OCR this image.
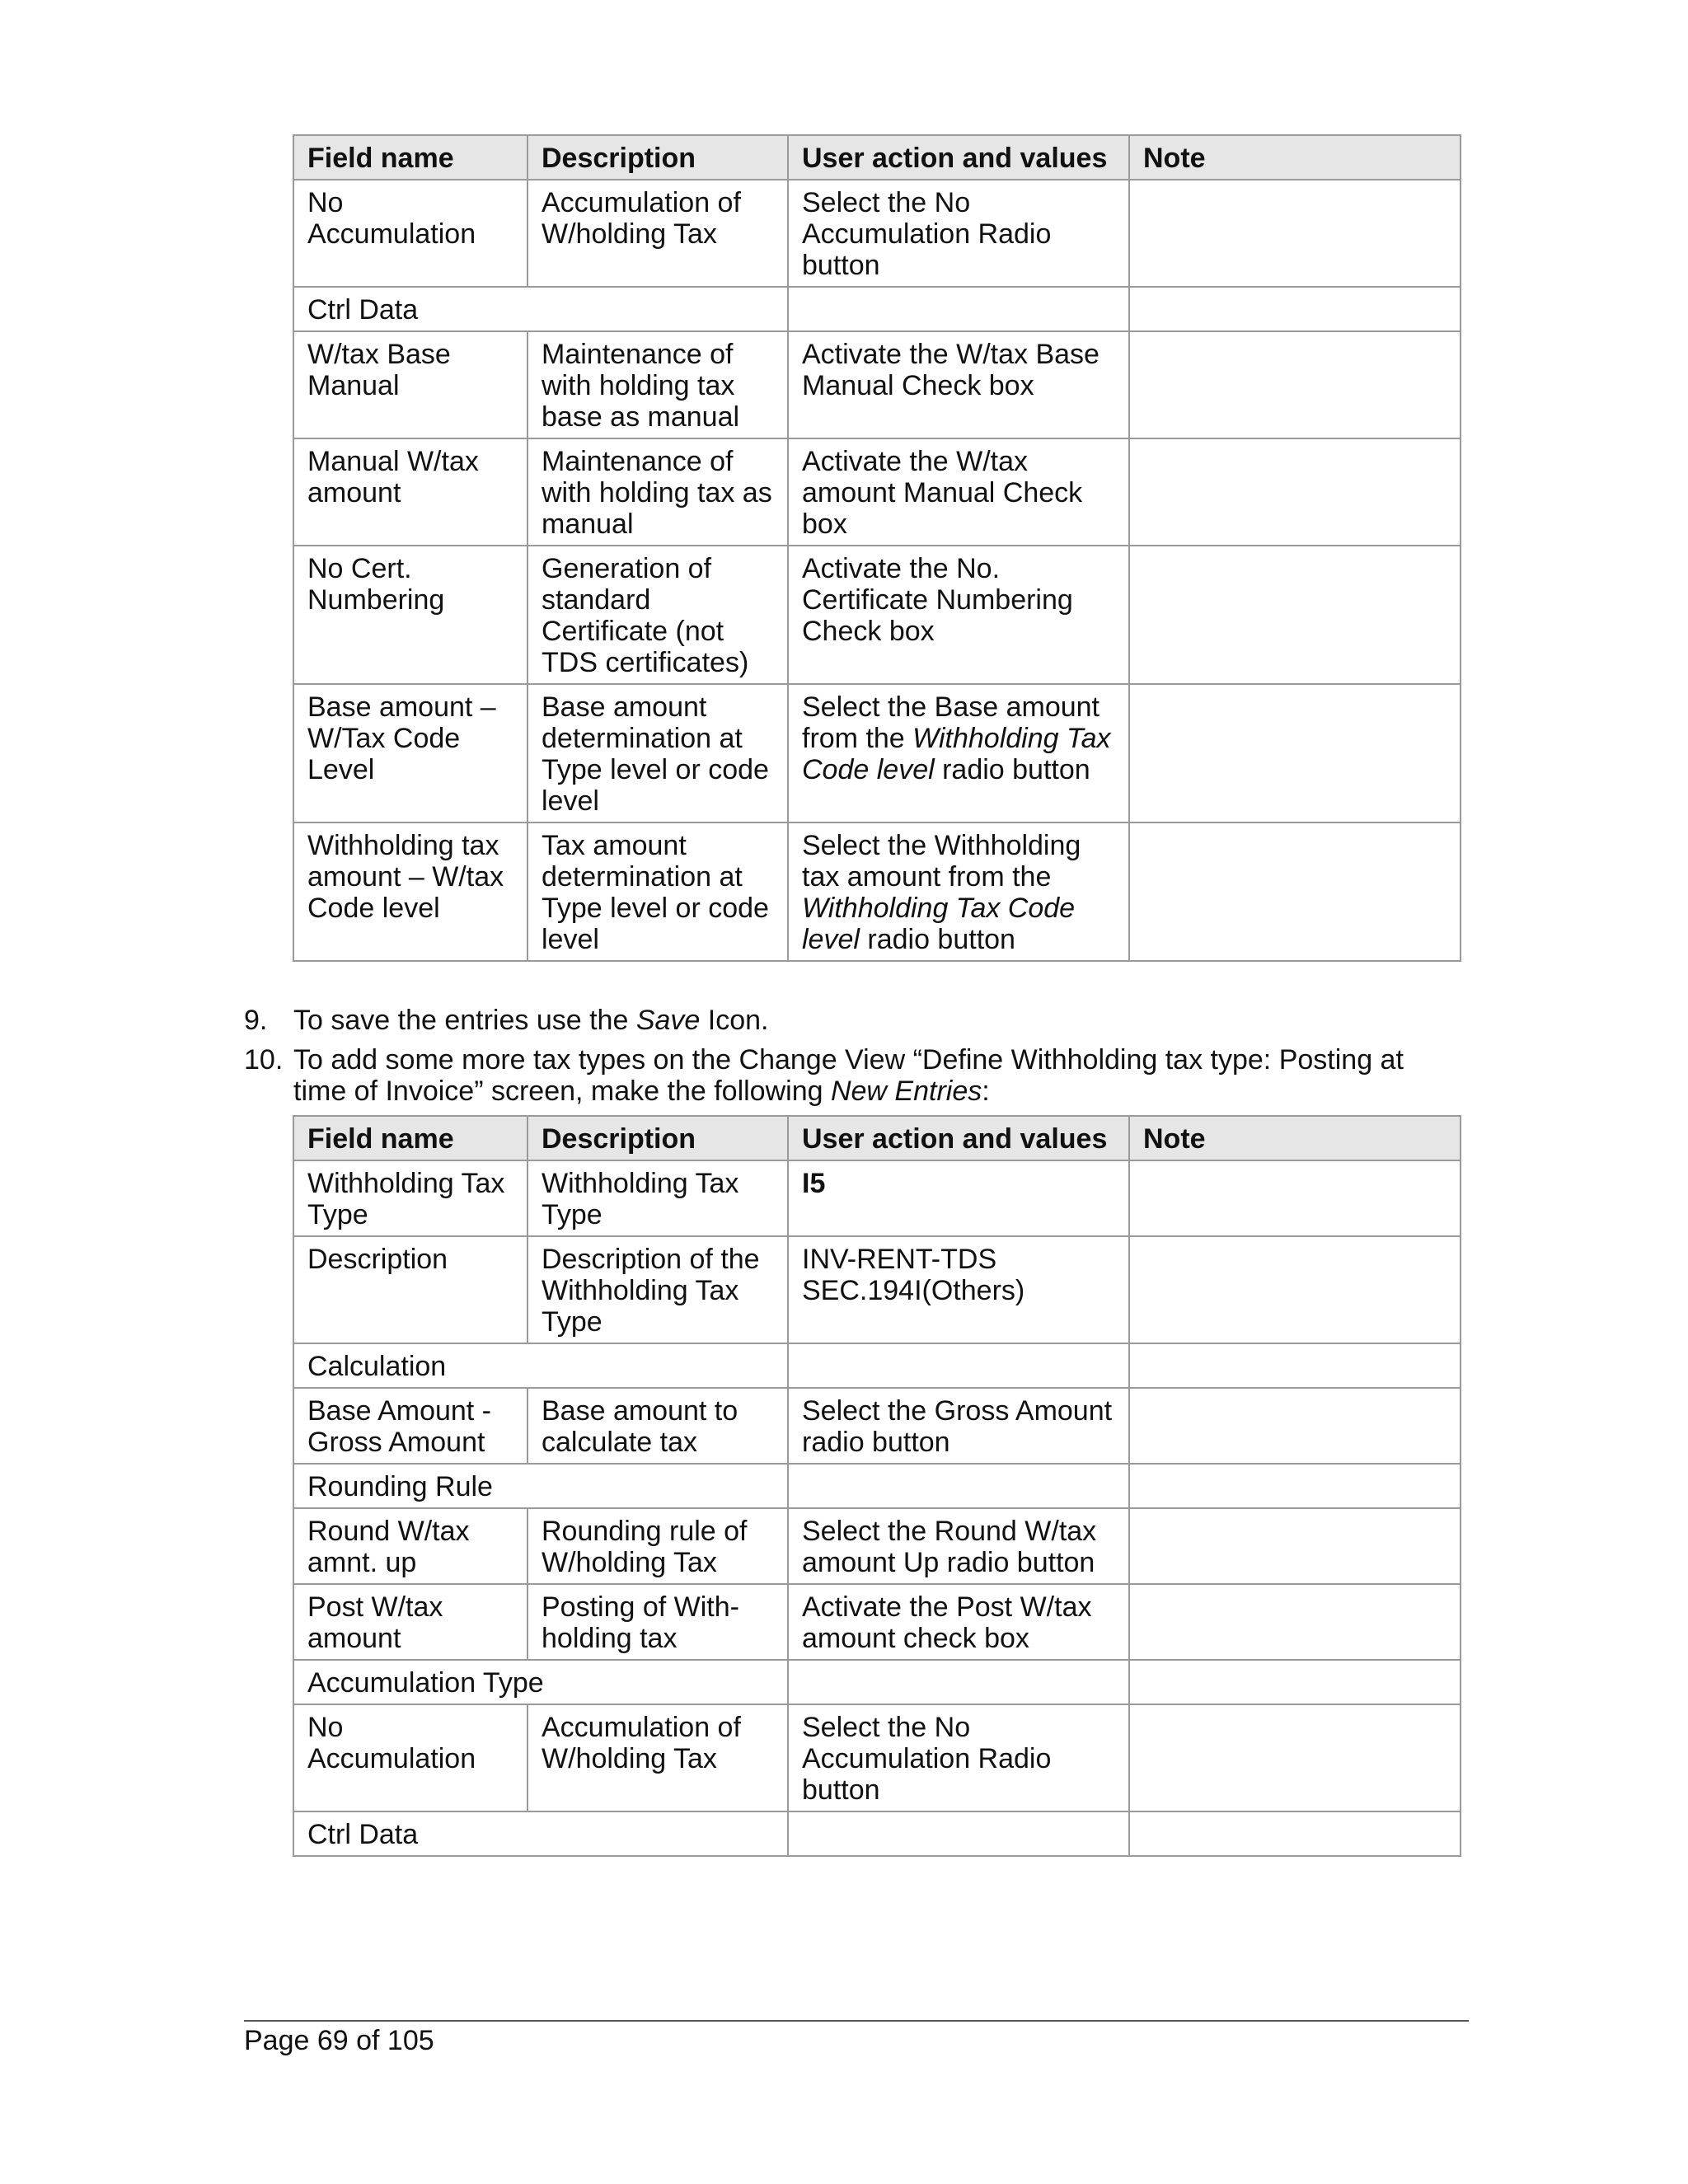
Field name	Description	User action and values	Note
No Accumulation	Accumulation of W/holding Tax	Select the No Accumulation Radio button	
Ctrl Data			
W/tax Base Manual	Maintenance of with holding tax base as manual	Activate the W/tax Base Manual Check box	
Manual W/tax amount	Maintenance of with holding tax as manual	Activate the W/tax amount Manual Check box	
No Cert. Numbering	Generation of standard Certificate (not TDS certificates)	Activate the No. Certificate Numbering Check box	
Base amount – W/Tax Code Level	Base amount determination at Type level or code level	Select the Base amount from the Withholding Tax Code level radio button	
Withholding tax amount – W/tax Code level	Tax amount determination at Type level or code level	Select the Withholding tax amount from the Withholding Tax Code level radio button	
9. To save the entries use the Save Icon.
10. To add some more tax types on the Change View “Define Withholding tax type: Posting at time of Invoice” screen, make the following New Entries:
Field name	Description	User action and values	Note
Withholding Tax Type	Withholding Tax Type	I5	
Description	Description of the Withholding Tax Type	INV-RENT-TDS SEC.194I(Others)	
Calculation			
Base Amount -Gross Amount	Base amount to calculate tax	Select the Gross Amount radio button	
Rounding Rule			
Round W/tax amnt. up	Rounding rule of W/holding Tax	Select the Round W/tax amount Up radio button	
Post W/tax amount	Posting of With-holding tax	Activate the Post W/tax amount check box	
Accumulation Type			
No Accumulation	Accumulation of W/holding Tax	Select the No Accumulation Radio button	
Ctrl Data			
Page 69 of 105
